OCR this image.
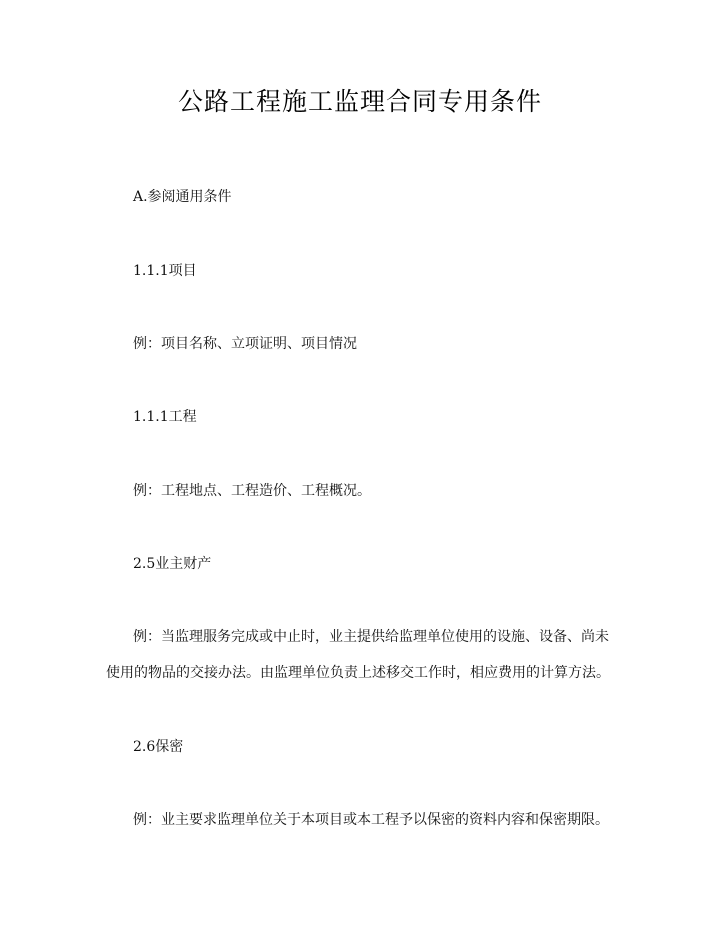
公路工程施工监理合同专用条件
A.参阅通用条件
1.1.1项目
例：项目名称、立项证明、项目情况
1.1.1工程
例：工程地点、工程造价、工程概况。
2.5业主财产
例：当监理服务完成或中止时，业主提供给监理单位使用的设施、设备、尚未
使用的物品的交接办法。由监理单位负责上述移交工作时，相应费用的计算方法。
2.6保密
例：业主要求监理单位关于本项目或本工程予以保密的资料内容和保密期限。
